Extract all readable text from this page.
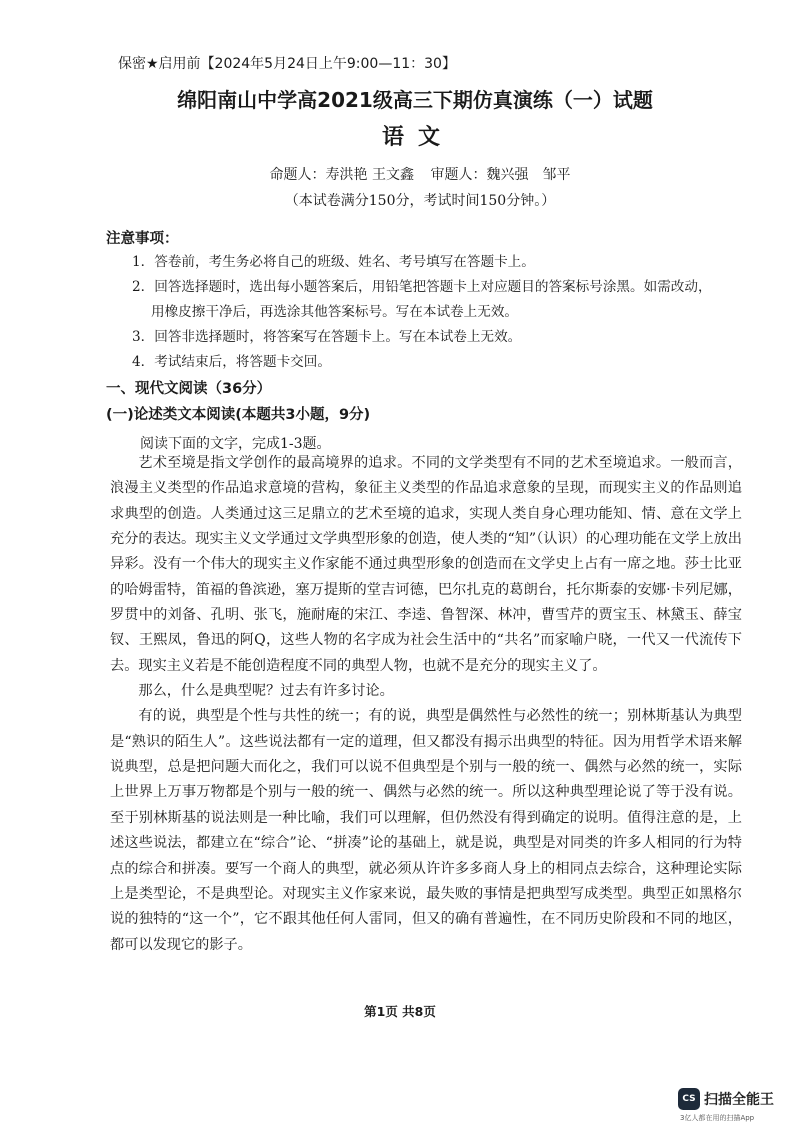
保密★启用前【2024年5月24日上午9:00—11：30】
绵阳南山中学高2021级高三下期仿真演练（一）试题
语文
命题人：寿洪艳 王文鑫 审题人：魏兴强　邹平
（本试卷满分150分，考试时间150分钟。）
注意事项：

1．答卷前，考生务必将自己的班级、姓名、考号填写在答题卡上。

2．回答选择题时，选出每小题答案后，用铅笔把答题卡上对应题目的答案标号涂黑。如需改动，

用橡皮擦干净后，再选涂其他答案标号。写在本试卷上无效。

3．回答非选择题时，将答案写在答题卡上。写在本试卷上无效。

4．考试结束后，将答题卡交回。

一、现代文阅读（36分）
(一)论述类文本阅读(本题共3小题，9分)
阅读下面的文字，完成1-3题。

艺术至境是指文学创作的最高境界的追求。不同的文学类型有不同的艺术至境追求。一般而言，浪漫主义类型的作品追求意境的营构，象征主义类型的作品追求意象的呈现，而现实主义的作品则追求典型的创造。人类通过这三足鼎立的艺术至境的追求，实现人类自身心理功能知、情、意在文学上充分的表达。现实主义文学通过文学典型形象的创造，使人类的“知”（认识）的心理功能在文学上放出异彩。没有一个伟大的现实主义作家能不通过典型形象的创造而在文学史上占有一席之地。莎士比亚的哈姆雷特，笛福的鲁滨逊，塞万提斯的堂吉诃德，巴尔扎克的葛朗台，托尔斯泰的安娜·卡列尼娜，罗贯中的刘备、孔明、张飞，施耐庵的宋江、李逵、鲁智深、林冲，曹雪芹的贾宝玉、林黛玉、薛宝钗、王熙凤，鲁迅的阿Q，这些人物的名字成为社会生活中的“共名”而家喻户晓，一代又一代流传下去。现实主义若是不能创造程度不同的典型人物，也就不是充分的现实主义了。

那么，什么是典型呢？过去有许多讨论。

有的说，典型是个性与共性的统一；有的说，典型是偶然性与必然性的统一；别林斯基认为典型是“熟识的陌生人”。这些说法都有一定的道理，但又都没有揭示出典型的特征。因为用哲学术语来解说典型，总是把问题大而化之，我们可以说不但典型是个别与一般的统一、偶然与必然的统一，实际上世界上万事万物都是个别与一般的统一、偶然与必然的统一。所以这种典型理论说了等于没有说。至于别林斯基的说法则是一种比喻，我们可以理解，但仍然没有得到确定的说明。值得注意的是，上述这些说法，都建立在“综合”论、“拼凑”论的基础上，就是说，典型是对同类的许多人相同的行为特点的综合和拼凑。要写一个商人的典型，就必须从许许多多商人身上的相同点去综合，这种理论实际上是类型论，不是典型论。对现实主义作家来说，最失败的事情是把典型写成类型。典型正如黑格尔说的独特的“这一个”，它不跟其他任何人雷同，但又的确有普遍性，在不同历史阶段和不同的地区，都可以发现它的影子。

第1页 共8页
CS 扫描全能王
3亿人都在用的扫描App
